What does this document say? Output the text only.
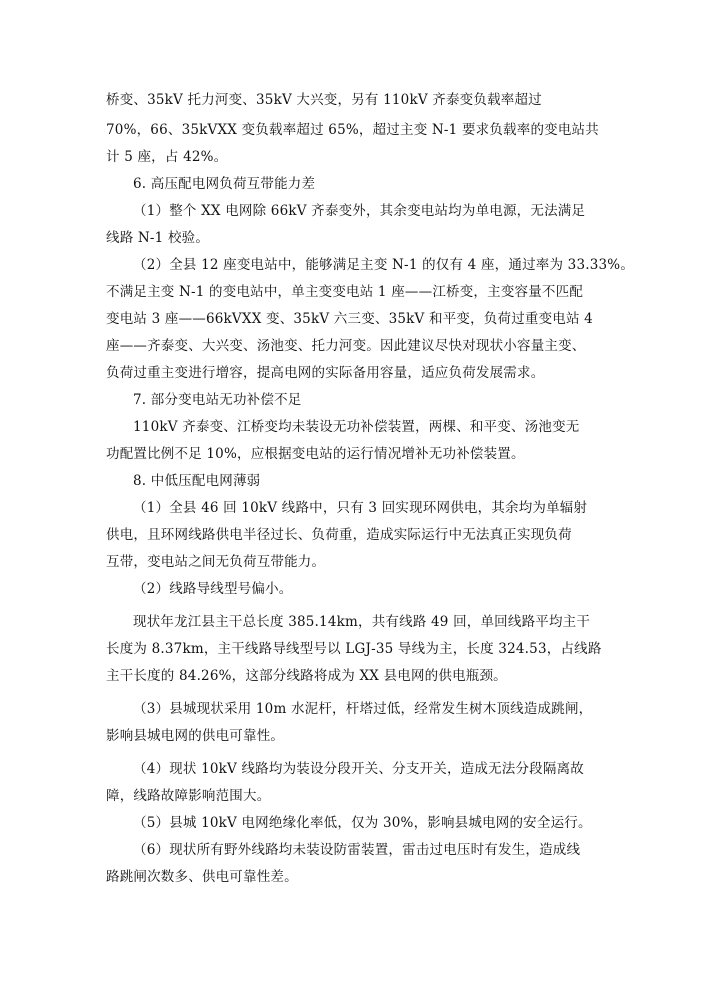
桥变、35kV 托力河变、35kV 大兴变，另有 110kV 齐泰变负载率超过
70%，66、35kVXX 变负载率超过 65%，超过主变 N-1 要求负载率的变电站共
计 5 座，占 42%。
6. 高压配电网负荷互带能力差
（1）整个 XX 电网除 66kV 齐泰变外，其余变电站均为单电源，无法满足
线路 N-1 校验。
（2）全县 12 座变电站中，能够满足主变 N-1 的仅有 4 座，通过率为 33.33%。
不满足主变 N-1 的变电站中，单主变变电站 1 座——江桥变，主变容量不匹配
变电站 3 座——66kVXX 变、35kV 六三变、35kV 和平变，负荷过重变电站 4
座——齐泰变、大兴变、汤池变、托力河变。因此建议尽快对现状小容量主变、
负荷过重主变进行增容，提高电网的实际备用容量，适应负荷发展需求。
7. 部分变电站无功补偿不足
110kV 齐泰变、江桥变均未装设无功补偿装置，两棵、和平变、汤池变无
功配置比例不足 10%，应根据变电站的运行情况增补无功补偿装置。
8. 中低压配电网薄弱
（1）全县 46 回 10kV 线路中，只有 3 回实现环网供电，其余均为单辐射
供电，且环网线路供电半径过长、负荷重，造成实际运行中无法真正实现负荷
互带，变电站之间无负荷互带能力。
（2）线路导线型号偏小。
现状年龙江县主干总长度 385.14km，共有线路 49 回，单回线路平均主干
长度为 8.37km，主干线路导线型号以 LGJ-35 导线为主，长度 324.53，占线路
主干长度的 84.26%，这部分线路将成为 XX 县电网的供电瓶颈。
（3）县城现状采用 10m 水泥杆，杆塔过低，经常发生树木顶线造成跳闸，
影响县城电网的供电可靠性。
（4）现状 10kV 线路均为装设分段开关、分支开关，造成无法分段隔离故
障，线路故障影响范围大。
（5）县城 10kV 电网绝缘化率低，仅为 30%，影响县城电网的安全运行。
（6）现状所有野外线路均未装设防雷装置，雷击过电压时有发生，造成线
路跳闸次数多、供电可靠性差。
